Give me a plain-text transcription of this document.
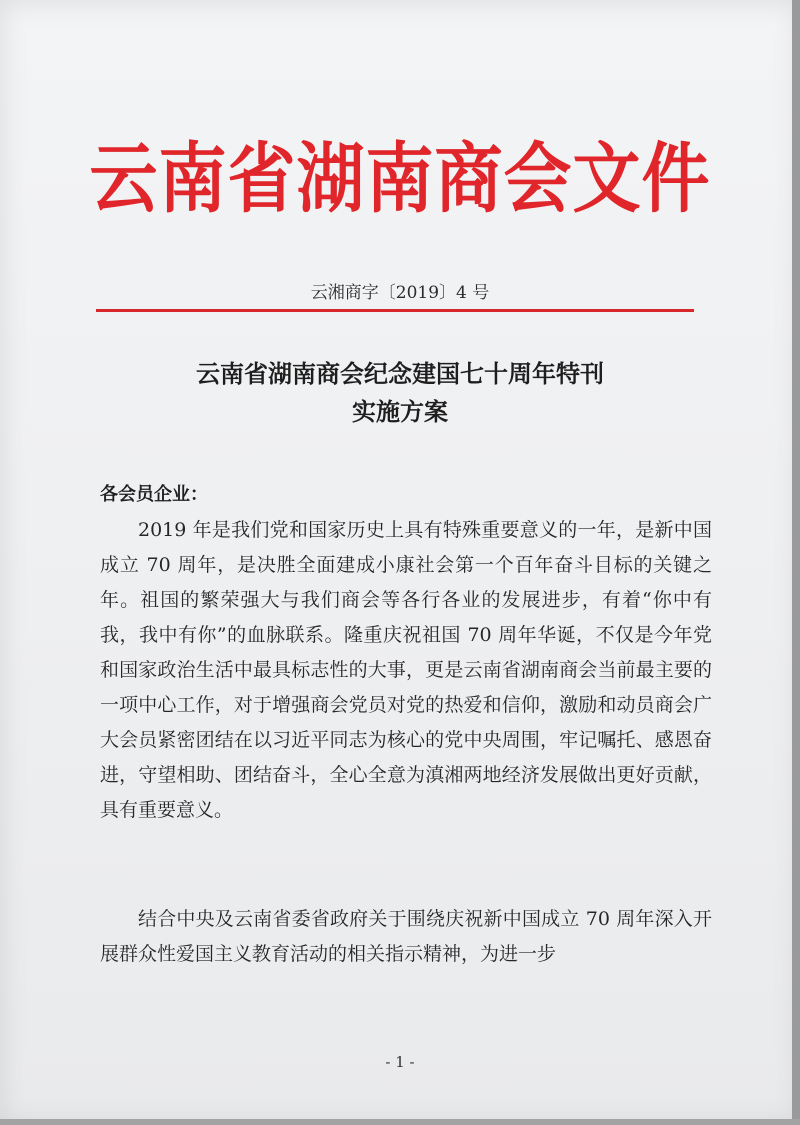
云南省湖南商会文件
云湘商字〔2019〕4 号
云南省湖南商会纪念建国七十周年特刊
实施方案
各会员企业：

2019 年是我们党和国家历史上具有特殊重要意义的一年，是新中国成立 70 周年，是决胜全面建成小康社会第一个百年奋斗目标的关键之年。祖国的繁荣强大与我们商会等各行各业的发展进步，有着“你中有我，我中有你”的血脉联系。隆重庆祝祖国 70 周年华诞，不仅是今年党和国家政治生活中最具标志性的大事，更是云南省湖南商会当前最主要的一项中心工作，对于增强商会党员对党的热爱和信仰，激励和动员商会广大会员紧密团结在以习近平同志为核心的党中央周围，牢记嘱托、感恩奋进，守望相助、团结奋斗，全心全意为滇湘两地经济发展做出更好贡献，具有重要意义。

结合中央及云南省委省政府关于围绕庆祝新中国成立 70 周年深入开展群众性爱国主义教育活动的相关指示精神，为进一步

- 1 -
